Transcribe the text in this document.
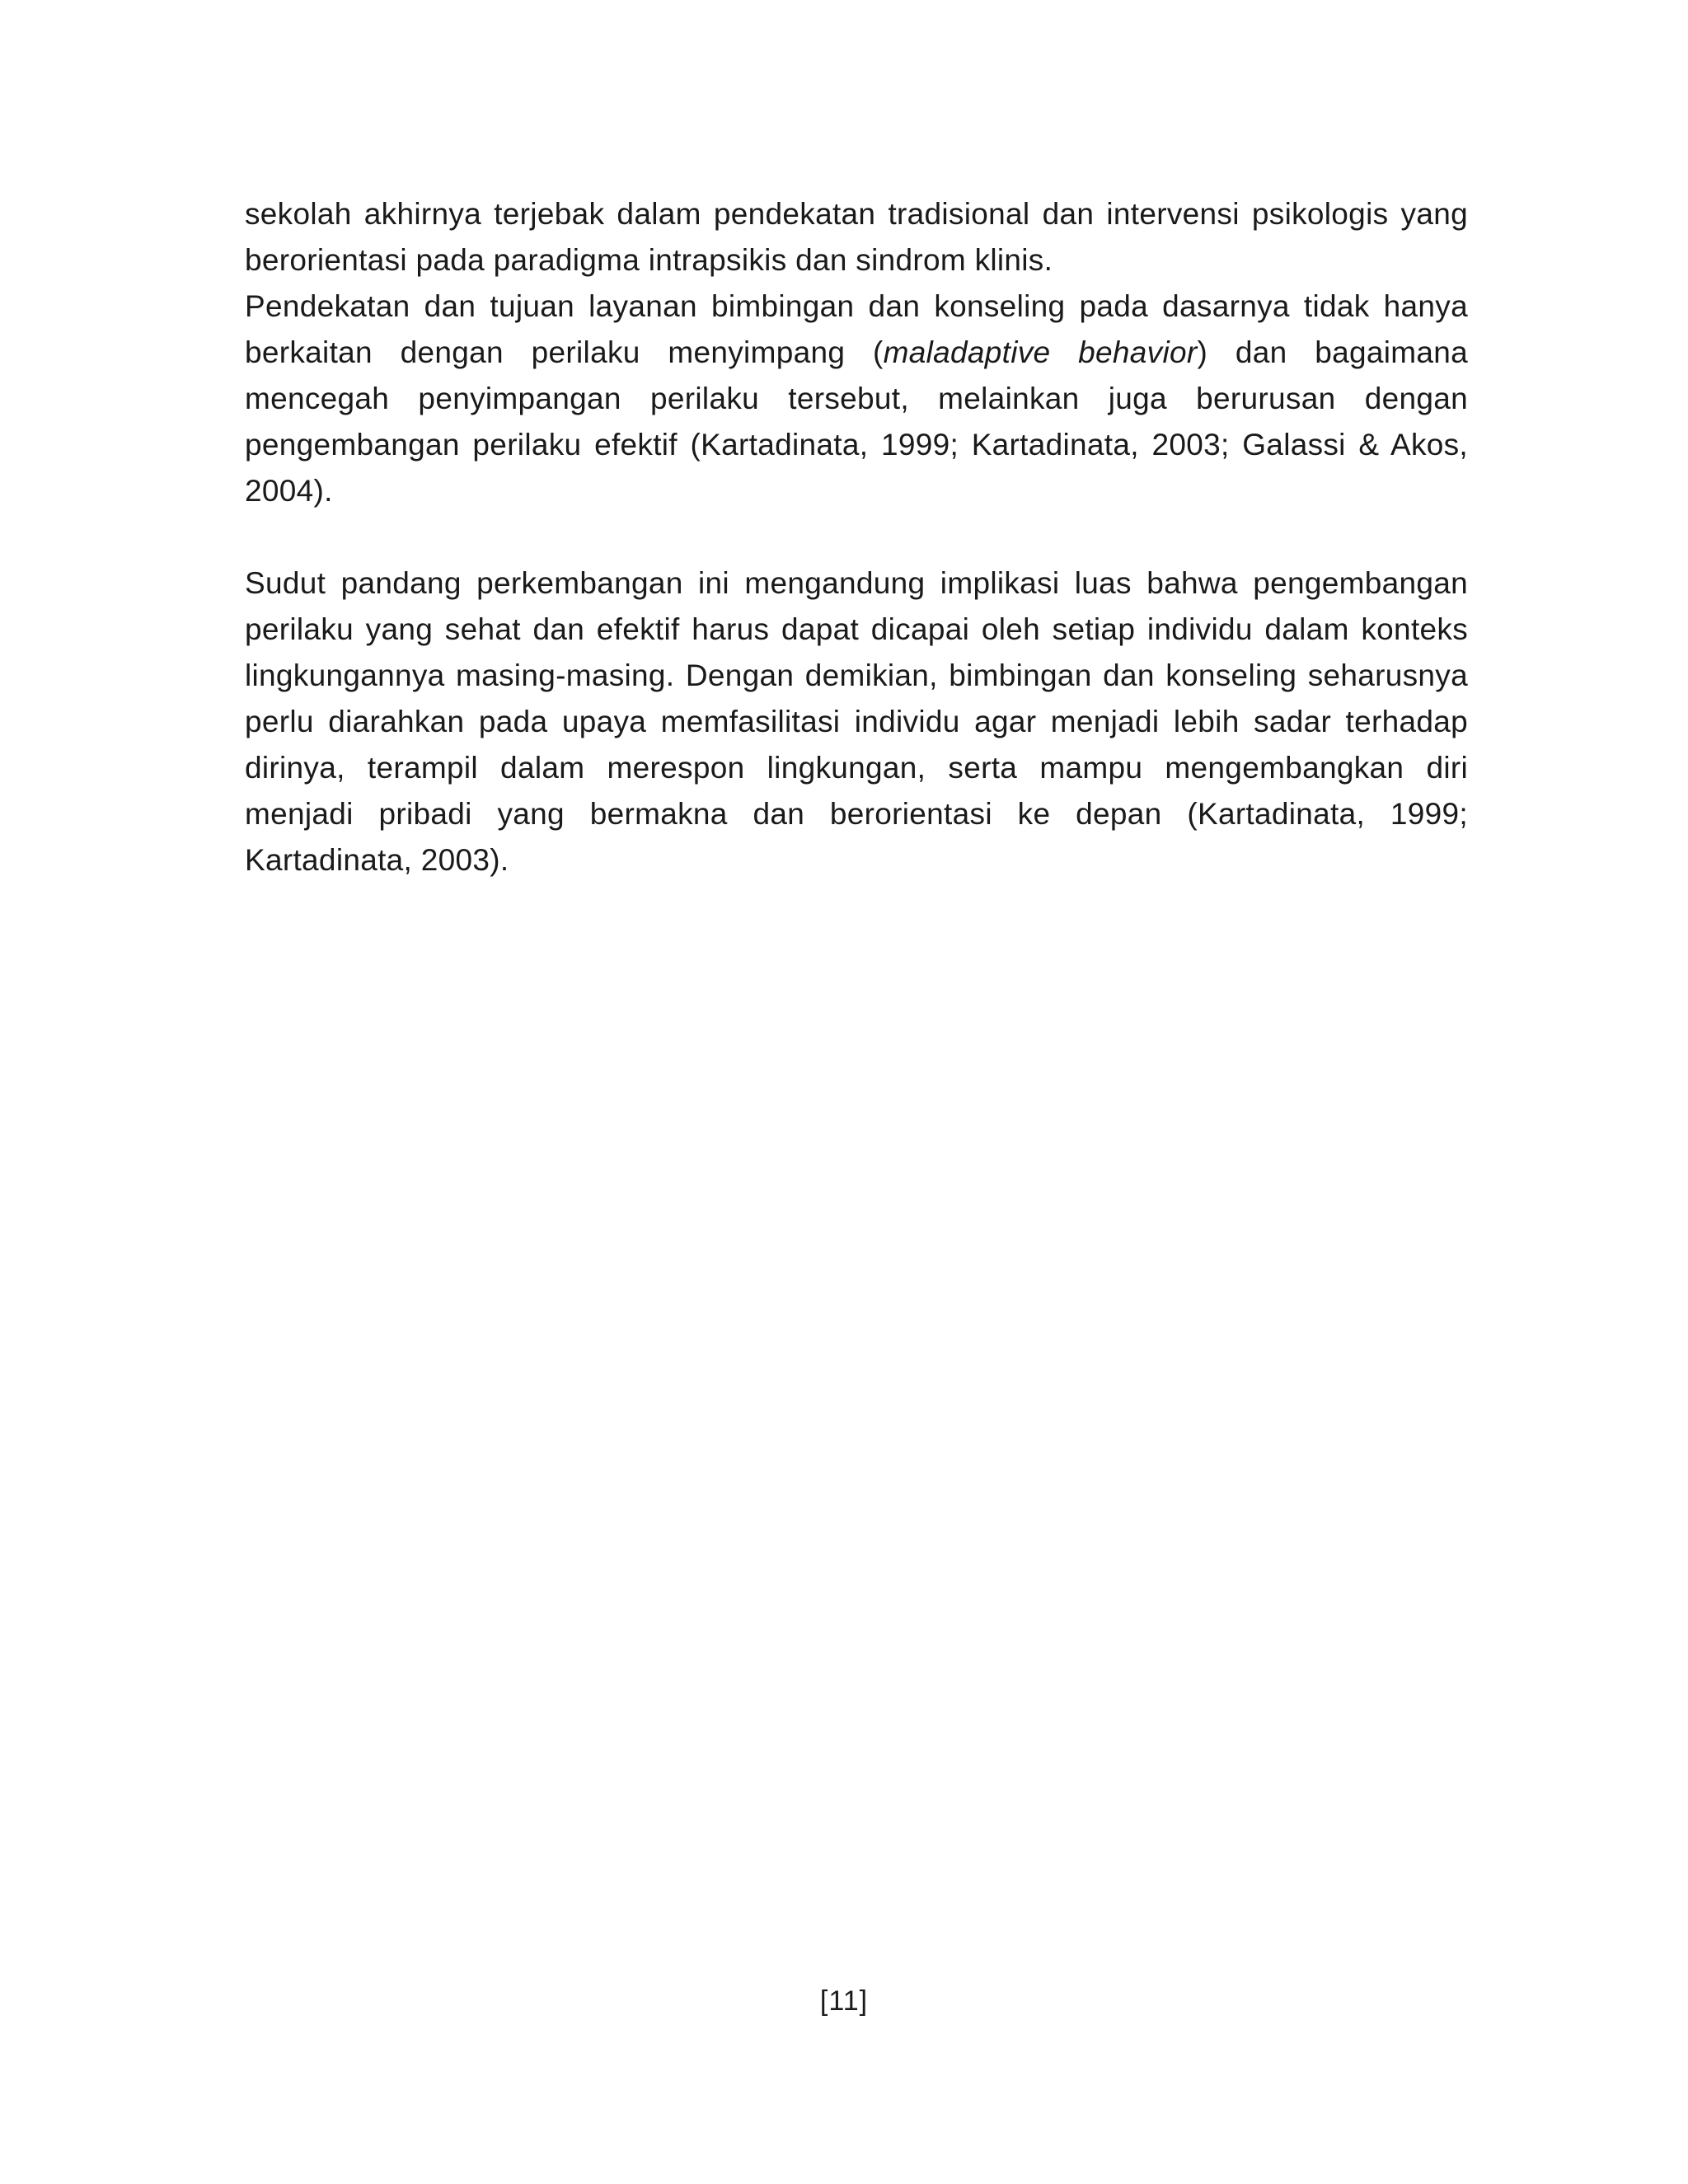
sekolah akhirnya terjebak dalam pendekatan tradisional dan intervensi psikologis yang berorientasi pada paradigma intrapsikis dan sindrom klinis.

Pendekatan dan tujuan layanan bimbingan dan konseling pada dasarnya tidak hanya berkaitan dengan perilaku menyimpang (maladaptive behavior) dan bagaimana mencegah penyimpangan perilaku tersebut, melainkan juga berurusan dengan pengembangan perilaku efektif (Kartadinata, 1999; Kartadinata, 2003; Galassi & Akos, 2004).

Sudut pandang perkembangan ini mengandung implikasi luas bahwa pengembangan perilaku yang sehat dan efektif harus dapat dicapai oleh setiap individu dalam konteks lingkungannya masing-masing. Dengan demikian, bimbingan dan konseling seharusnya perlu diarahkan pada upaya memfasilitasi individu agar menjadi lebih sadar terhadap dirinya, terampil dalam merespon lingkungan, serta mampu mengembangkan diri menjadi pribadi yang bermakna dan berorientasi ke depan (Kartadinata, 1999; Kartadinata, 2003).

[11]
